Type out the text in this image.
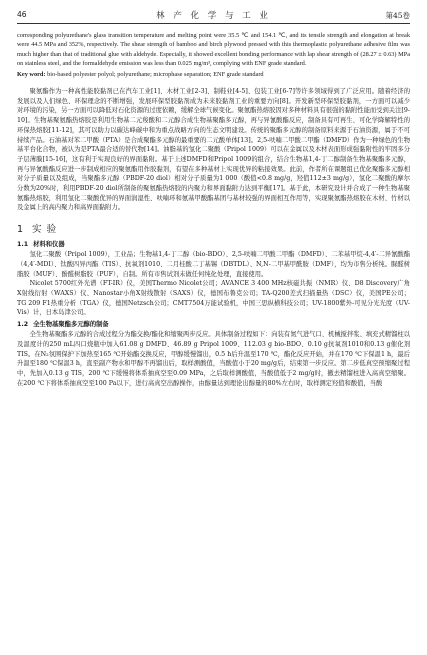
46	林 产 化 学 与 工 业	第45卷

corresponding polyurethane's glass transition temperature and melting point were 35.5 ℃ and 154.1 ℃, and its tensile strength and elongation at break were 44.5 MPa and 352%, respectively. The shear strength of bamboo and birch plywood pressed with this thermoplastic polyurethane adhesive film was much higher than that of traditional glue with aldehyde. Especially, it showed excellent bonding performance with lap shear strength of (28.27 ± 0.63) MPa on stainless steel, and the formaldehyde emission was less than 0.025 mg/m³, complying with ENF grade standard.

Key word: bio-based polyester polyol; polyurethane; microphase separation; ENF grade standard

聚氨酯作为一种高性能胶黏剂已在汽车工业[1]、木材工业[2-3]、制鞋业[4-5]、包装工业[6-7]等许多领域得到了广泛应用。随着经济的发展以及人们绿色、环保理念的不断增强，发展环保型胶黏剂成为未来胶黏剂工业的重要方向[8]。开发新型环保型胶黏剂，一方面可以减少对环境的污染，另一方面可以降低对石化资源的过度依赖，缓解全球气候变化。聚氨酯热熔胶因对多种材料具有很强的黏附性能而受到关注[9-10]。生物基聚氨酯热熔胶是利用生物基二元羧酸和二元醇合成生物基聚酯多元醇，再与异氰酸酯反应，制备具有可再生、可化学降解特性的环保热熔胶[11-12]，其可以助力以碳达峰碳中和为重点战略方向的生态文明建设。传统的聚酯多元醇的制备原料来源于石油资源，属于不可持续产品。石油基对苯二甲酸（PTA）是合成聚酯多元醇的最重要的二元酸单体[13]。2,5-呋喃二甲酸二甲酯（DMFD）作为一种绿色的生物基平台化合物，被认为是PTA最合适的替代物[14]。油脂基的氢化二聚酸（Pripol 1009）可以在金属以及木材表面形成强黏附性的牢固多分子层薄膜[15-16]，这有利于实现良好的界面黏附。基于上述DMFD和Pripol 1009的组合，结合生物基1,4-丁二醇制备生物基聚酯多元醇，再与异氰酸酯反应进一步制成相应的聚氨酯用作胶黏剂，有望在多种基材上实现优异的粘接效果。此前，作者所在课题组已优化聚酯多元醇相对分子质量以及组成，当聚酯多元醇（PBDF-20 diol）相对分子质量为1 000（酸值<0.8 mg/g，羟值112±3 mg/g），氢化二聚酸的摩尔分数为20%时，利用PBDF-20 diol所制备的聚氨酯热熔胶的内聚力和界面黏附力达到平衡[17]。基于此，本研究设计并合成了一种生物基聚氨酯热熔胶，利用氢化二聚酸优异的界面润湿性、呋喃环和氨基甲酸酯基团与基材较强的界面相互作用等，实现聚氨酯热熔胶在木材、竹材以及金属上的高内聚力和高界面黏附力。

1 实 验
1.1 材料和仪器

氢化二聚酸（Pripol 1009），工业品；生物基1,4-丁二醇（bio-BDO）、2,5-呋喃二甲酸二甲酯（DMFD）、二苯基甲烷-4,4′-二异氰酸酯（4,4′-MDI）、钛酸四异丙酯（TIS）、抗氧剂1010、二月桂酸二丁基锡（DBTDL）、N,N-二甲基甲酰胺（DMF），均为市售分析纯。脲醛树脂胶（MUF）、酚醛树脂胶（PUF），自制。所有市售试剂未做任何纯化处理，直接使用。

Nicolet 5700红外光谱（FT-IR）仪，美国Thermo Nicolet公司；AVANCE 3 400 MHz核磁共振（NMR）仪、D8 Discovery广角X射线衍射（WAXS）仪、Nanostar小角X射线散射（SAXS）仪，德国布鲁克公司；TA-Q200差式扫描量热（DSC）仪，美国PE公司；TG 209 F1热重分析（TGA）仪，德国Netzsch公司；CMT7504万能试验机，中国三思纵横科技公司；UV-1800紫外-可见分光光度（UV-Vis）计，日本岛津公司。

1.2 全生物基聚酯多元醇的制备

全生物基聚酯多元醇的合成过程分为酯交换/酯化和缩聚两步反应。具体制备过程如下：向装有氮气进气口、机械搅拌浆、填充式精馏柱以及温度计的250 mL四口烧瓶中加入61.08 g DMFD、46.89 g Pripol 1009、112.03 g bio-BDO、0.10 g抗氧剂1010和0.13 g催化剂TIS。在N₂氛围保护下加热至165 ℃开始酯交换反应，甲醇缓慢馏出，0.5 h后升温至170 ℃，酯化反应开始，并在170 ℃下保温1 h，最后升温至180 ℃保温3 h，直至副产物水和甲醇不再馏出后，取样测酸值，当酸值小于20 mg/g后，结束第一步反应。第二步低真空预缩聚过程中，先加入0.13 g TIS，200 ℃下缓慢将体系抽真空至0.09 MPa，之后取样测酸值，当酸值低于2 mg/g时，撤去精馏柱进入高真空缩聚。在200 ℃下将体系抽真空至100 Pa以下，进行高真空出醇操作，由醇量达到理论出醇量的80%左右时，取样测定羟值和酸值，当酸
